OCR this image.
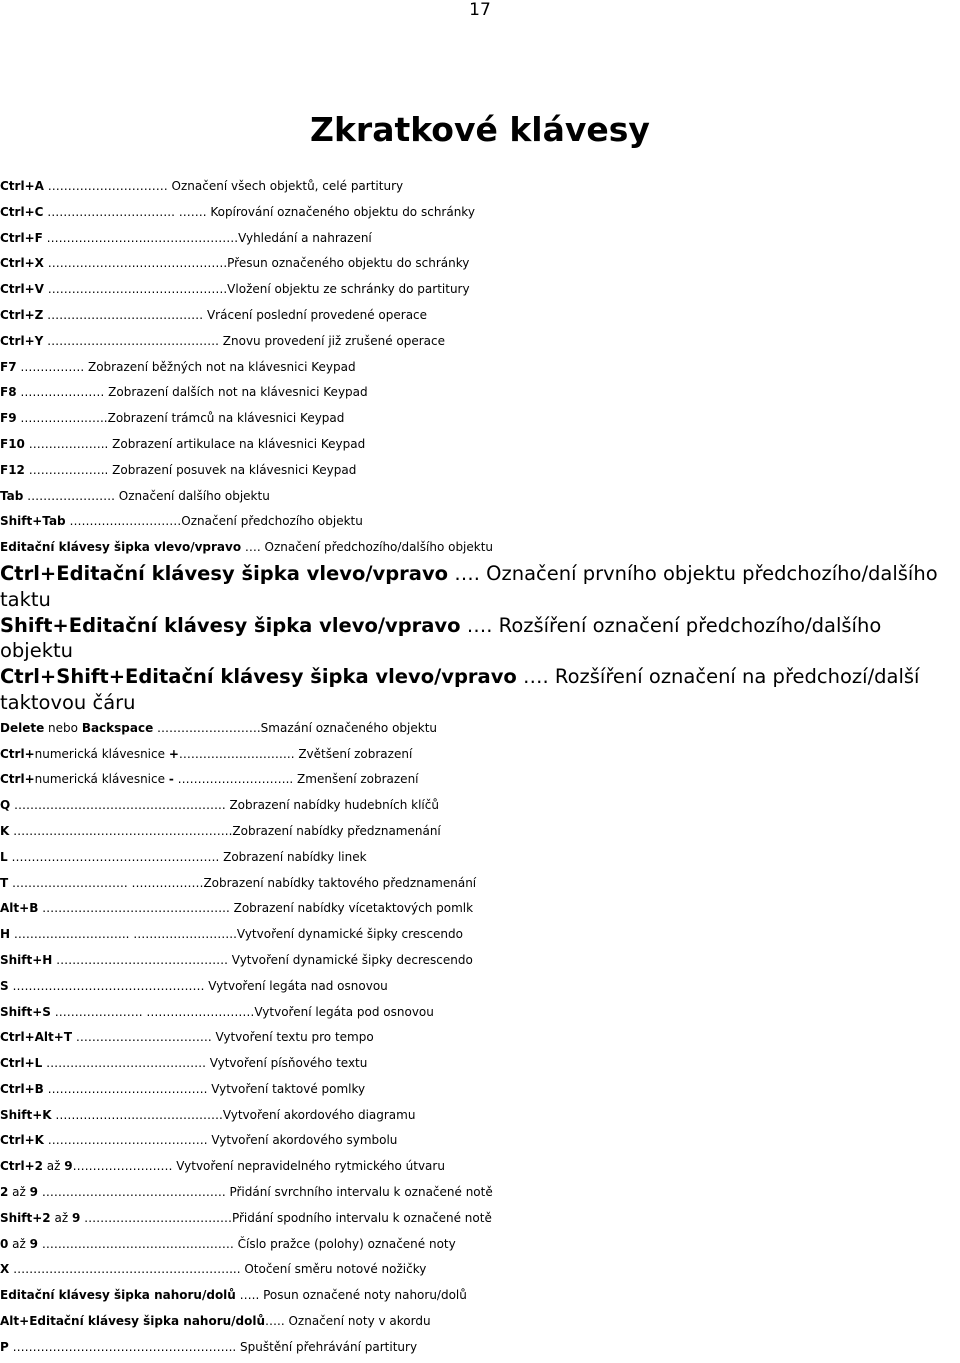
17
Zkratkové klávesy
Ctrl+A ………………………… Označení všech objektů, celé partitury
Ctrl+C ………………………….. ……. Kopírování označeného objektu do schránky
Ctrl+F ……………………..………………….Vyhledání a nahrazení
Ctrl+X …………………..………………….Přesun označeného objektu do schránky
Ctrl+V …………………..………………….Vložení objektu ze schránky do partitury
Ctrl+Z ………………………………… Vrácení poslední provedené operace
Ctrl+Y ……………………………………. Znovu provedení již zrušené operace
F7 ……………. Zobrazení běžných not na klávesnici Keypad
F8 ………………… Zobrazení dalších not na klávesnici Keypad
F9 ……………..…..Zobrazení trámců na klávesnici Keypad
F10 ……………….. Zobrazení artikulace na klávesnici Keypad
F12 ……………….. Zobrazení posuvek na klávesnici Keypad
Tab …………………. Označení dalšího objektu
Shift+Tab ………….……………Označení předchozího objektu
Editační klávesy šipka vlevo/vpravo …. Označení předchozího/dalšího objektu
Ctrl+Editační klávesy šipka vlevo/vpravo …. Označení prvního objektu předchozího/dalšího taktu
Shift+Editační klávesy šipka vlevo/vpravo …. Rozšíření označení předchozího/dalšího objektu
Ctrl+Shift+Editační klávesy šipka vlevo/vpravo …. Rozšíření označení na předchozí/další taktovou čáru
Delete nebo Backspace ……….…………….Smazání označeného objektu
Ctrl+numerická klávesnice +……………………….. Zvětšení zobrazení
Ctrl+numerická klávesnice - ……………………….. Zmenšení zobrazení
Q …………………………………………….. Zobrazení nabídky hudebních klíčů
K ………………..……………………………..Zobrazení nabídky předznamenání
L ……………………………………………. Zobrazení nabídky linek
T ……………………….. ………………Zobrazení nabídky taktového předznamenání
Alt+B ……………………………………….. Zobrazení nabídky vícetaktových pomlk
H ……………………….. ……………………..Vytvoření dynamické šipky crescendo
Shift+H ……………………………………. Vytvoření dynamické šipky decrescendo
S ………………………………………… Vytvoření legáta nad osnovou
Shift+S …………………. ………………………Vytvoření legáta pod osnovou
Ctrl+Alt+T ……………………………. Vytvoření textu pro tempo
Ctrl+L …………………………………. Vytvoření písňového textu
Ctrl+B …………………………………. Vytvoření taktové pomlky
Shift+K ………………..………………….Vytvoření akordového diagramu
Ctrl+K …………………………………. Vytvoření akordového symbolu
Ctrl+2 až 9………………….… Vytvoření nepravidelného rytmického útvaru
2 až 9 ………………………………………. Přidání svrchního intervalu k označené notě
Shift+2 až 9 …………………………….…Přidání spodního intervalu k označené notě
0 až 9 ………………………………………… Číslo pražce (polohy) označené noty
X ………………………………………………... Otočení směru notové nožičky
Editační klávesy šipka nahoru/dolů ….. Posun označené noty nahoru/dolů
Alt+Editační klávesy šipka nahoru/dolů….. Označení noty v akordu
P ……………………………………………….. Spuštění přehrávání partitury
